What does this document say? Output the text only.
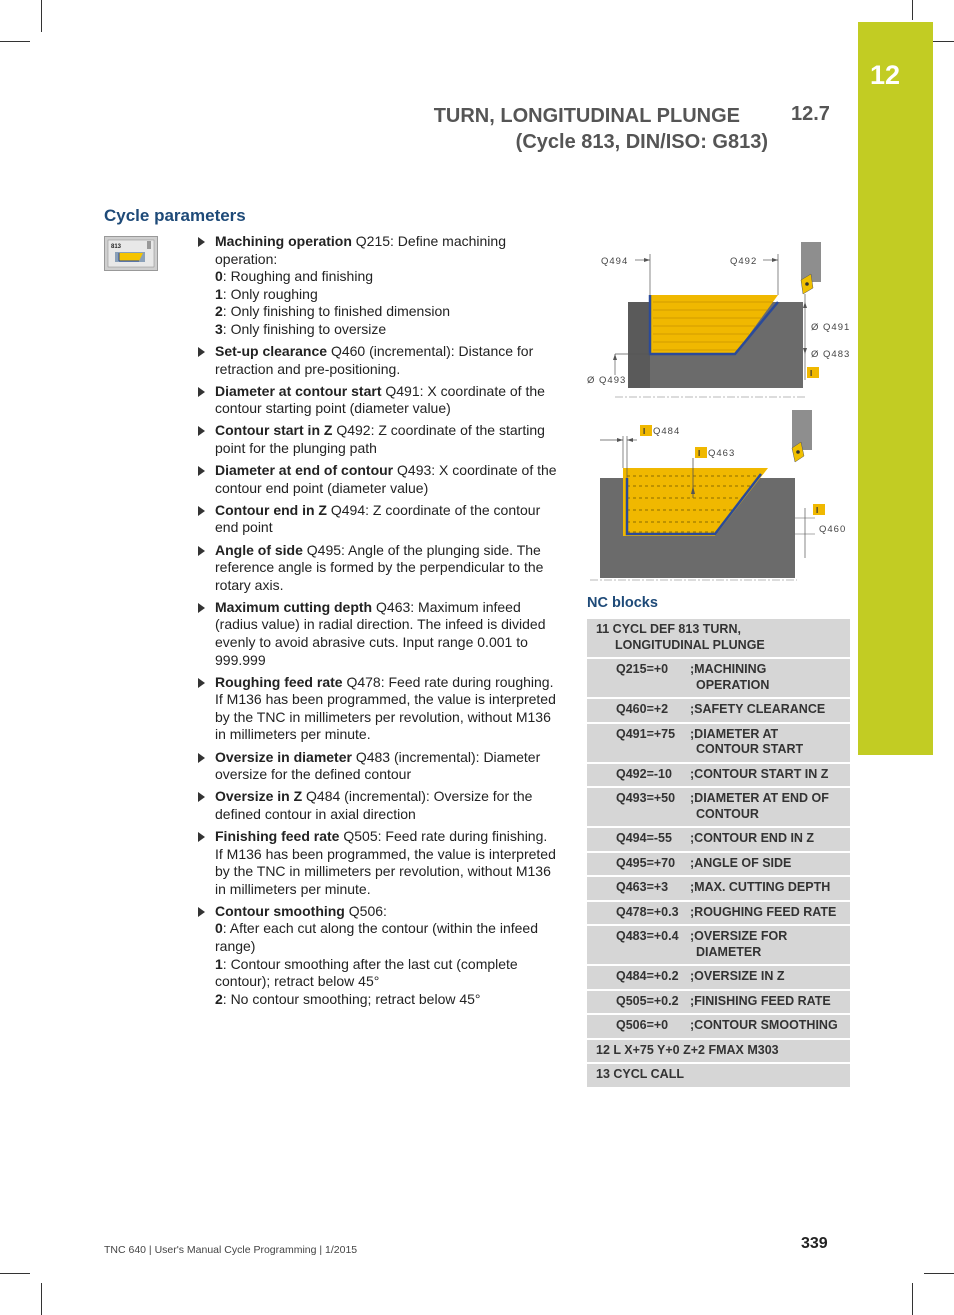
12
TURN, LONGITUDINAL PLUNGE
(Cycle 813, DIN/ISO: G813)
12.7
Cycle parameters
813	Machining operation Q215: Define machining operation:
0: Roughing and finishing
1: Only roughing
2: Only finishing to finished dimension
3: Only finishing to oversize
Set-up clearance Q460 (incremental): Distance for retraction and pre-positioning.
Diameter at contour start Q491: X coordinate of the contour starting point (diameter value)
Contour start in Z Q492: Z coordinate of the starting point for the plunging path
Diameter at end of contour Q493: X coordinate of the contour end point (diameter value)
Contour end in Z Q494: Z coordinate of the contour end point
Angle of side Q495: Angle of the plunging side. The reference angle is formed by the perpendicular to the rotary axis.
Maximum cutting depth Q463: Maximum infeed (radius value) in radial direction. The infeed is divided evenly to avoid abrasive cuts. Input range 0.001 to 999.999
Roughing feed rate Q478: Feed rate during roughing. If M136 has been programmed, the value is interpreted by the TNC in millimeters per revolution, without M136 in millimeters per minute.
Oversize in diameter Q483 (incremental): Diameter oversize for the defined contour
Oversize in Z Q484 (incremental): Oversize for the defined contour in axial direction
Finishing feed rate Q505: Feed rate during finishing. If M136 has been programmed, the value is interpreted by the TNC in millimeters per revolution, without M136 in millimeters per minute.
Contour smoothing Q506:
0: After each cut along the contour (within the infeed range)
1: Contour smoothing after the last cut (complete contour); retract below 45°
2: No contour smoothing; retract below 45°
Q494	Q492
Ø Q491
Ø Q483
I
Ø Q493
I Q484
I Q463
I
Q460
NC blocks
11 CYCL DEF 813 TURN,
LONGITUDINAL PLUNGE	

Q215=+0	;MACHINING
OPERATION

Q460=+2	;SAFETY CLEARANCE
Q491=+75	;DIAMETER AT
CONTOUR START

Q492=-10	;CONTOUR START IN Z
Q493=+50	;DIAMETER AT END OF
CONTOUR

Q494=-55	;CONTOUR END IN Z
Q495=+70	;ANGLE OF SIDE
Q463=+3	;MAX. CUTTING DEPTH
Q478=+0.3	;ROUGHING FEED RATE
Q483=+0.4	;OVERSIZE FOR
DIAMETER

Q484=+0.2	;OVERSIZE IN Z
Q505=+0.2	;FINISHING FEED RATE
Q506=+0	;CONTOUR SMOOTHING
12 L X+75 Y+0 Z+2 FMAX M303	
13 CYCL CALL	
TNC 640 | User's Manual Cycle Programming | 1/2015	339
